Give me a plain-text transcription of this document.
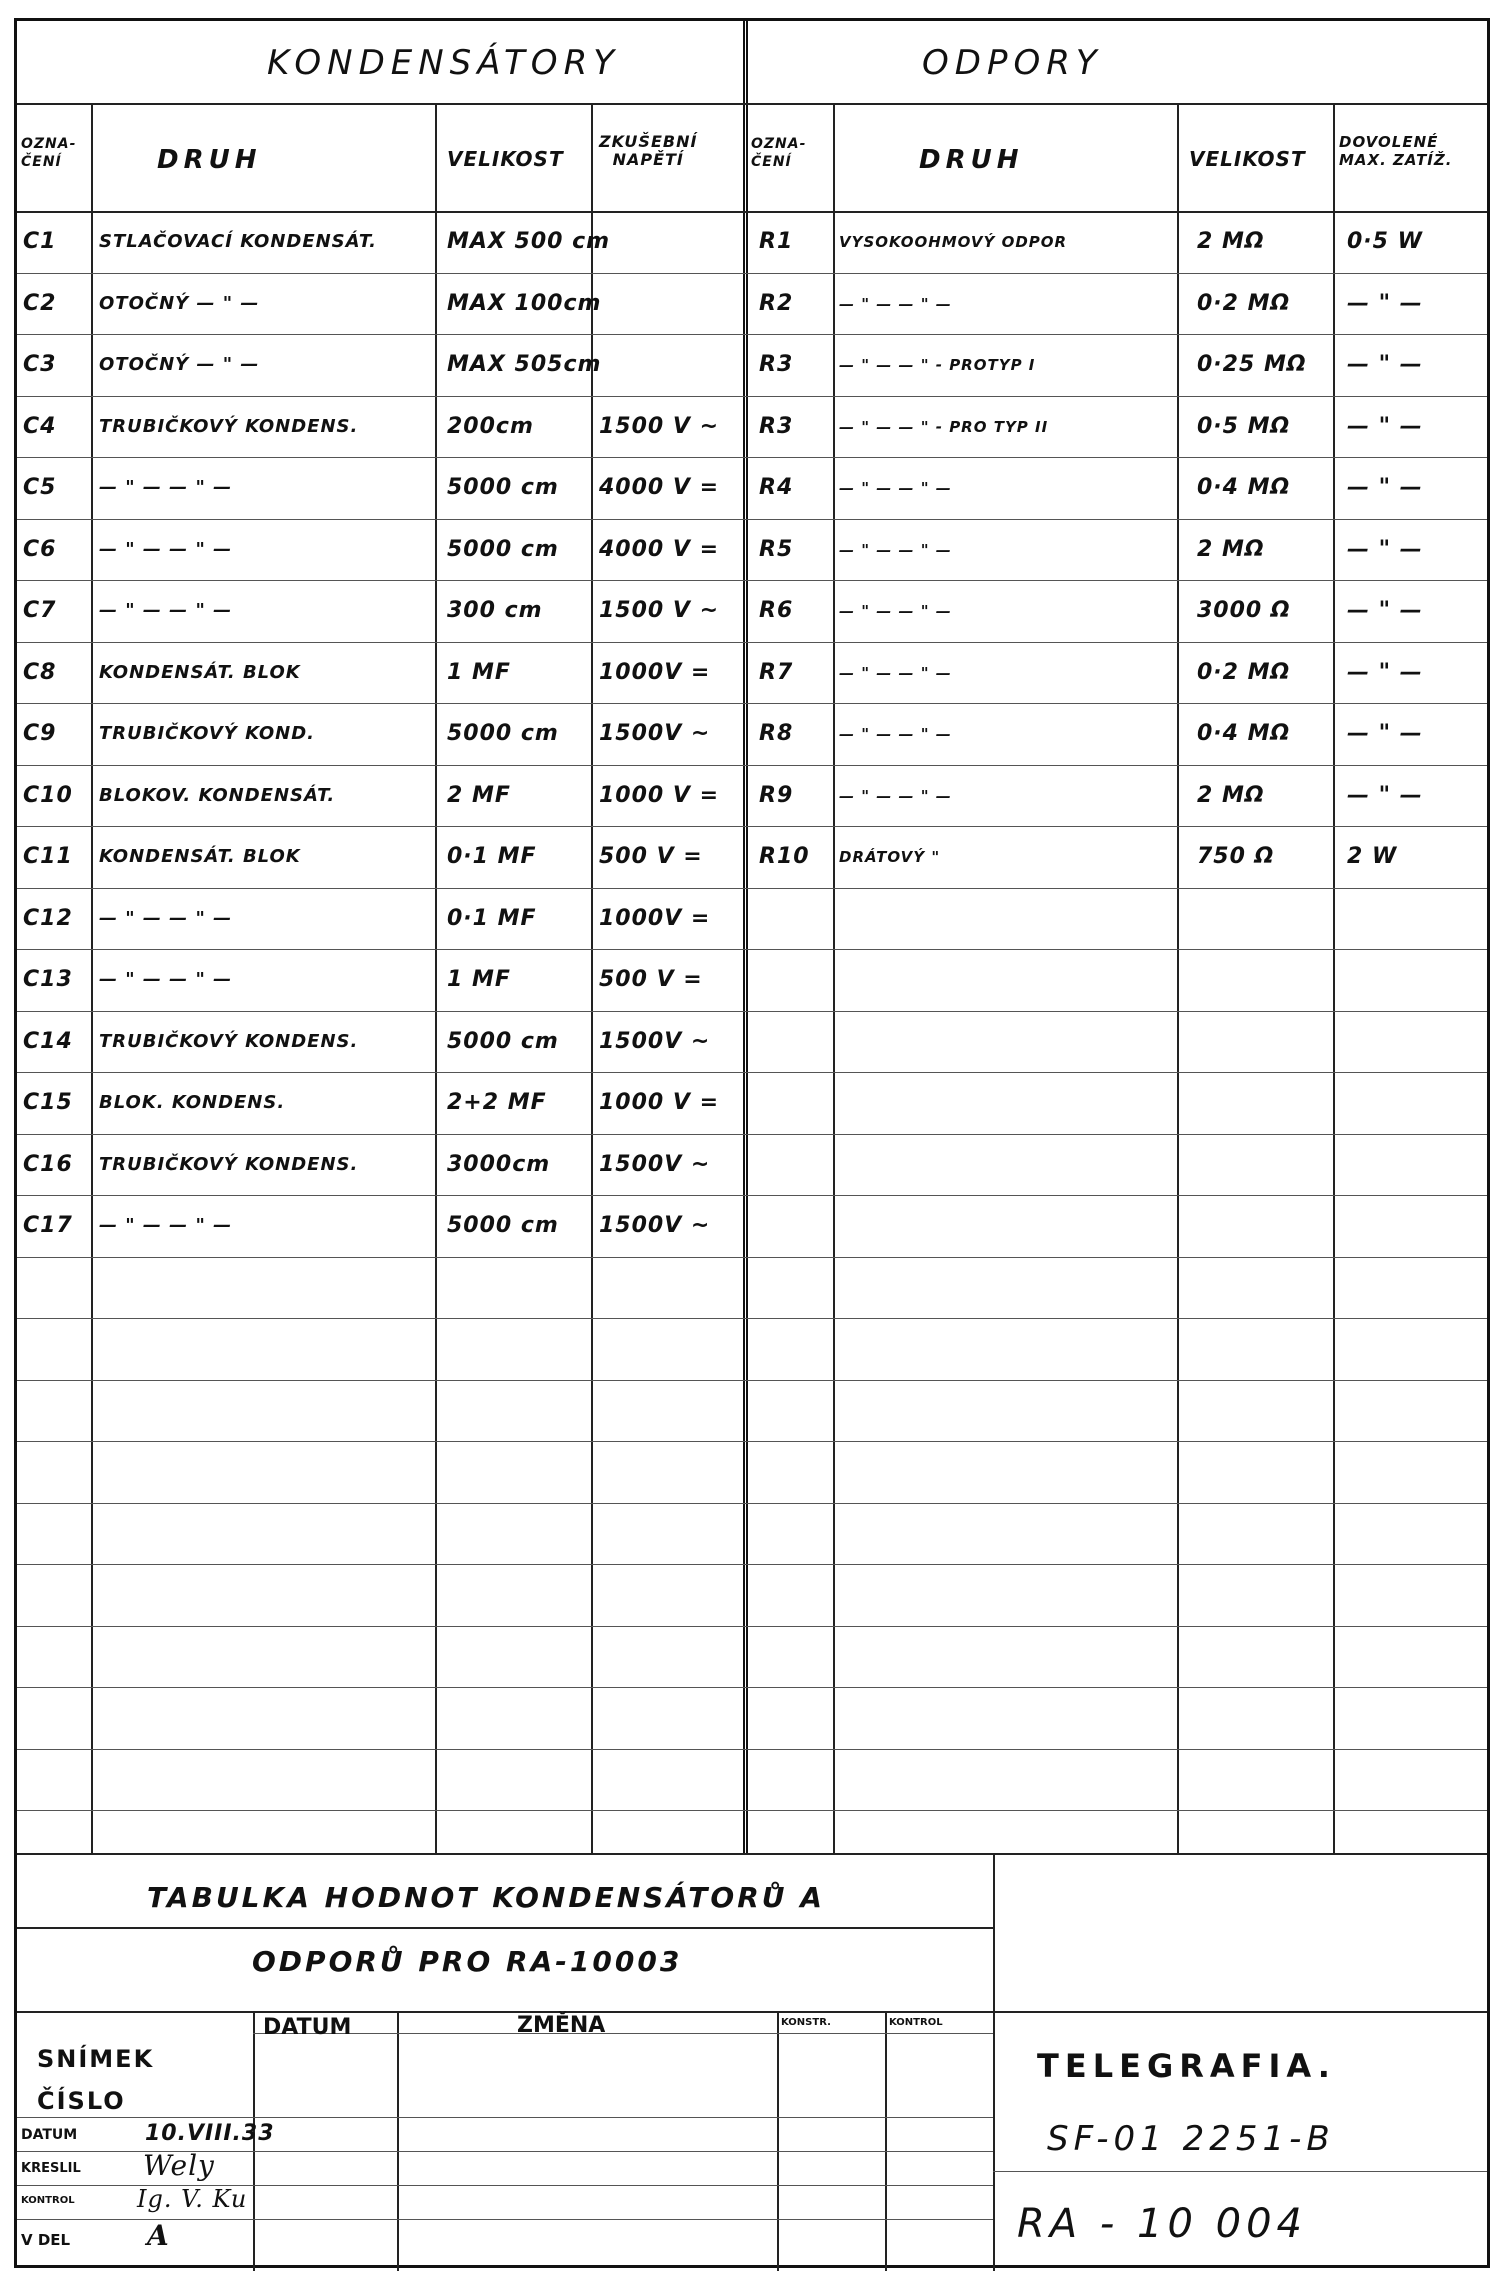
KONDENSÁTORY	ODPORY
OZNA-
ČENÍ	DRUH	VELIKOST
ZKUŠEBNÍ
NAPĚTÍ
OZNA-
ČENÍ	DRUH	VELIKOST
DOVOLENÉ
MAX. ZATÍŽ.
C1 STLAČOVACÍ KONDENSÁT.	MAX 500 cm
C2 OTOČNÝ — " —	MAX 100cm
C3 OTOČNÝ — " —	MAX 505cm
C4 TRUBIČKOVÝ KONDENS.	200cm	1500 V ~
C5 — " — — " —	5000 cm 4000 V =
C6 — " — — " —	5000 cm 4000 V =
C7 — " — — " —	300 cm	1500 V ~
C8 KONDENSÁT. BLOK	1 MF	1000V =
C9 TRUBIČKOVÝ KOND.	5000 cm 1500V ~
C10 BLOKOV. KONDENSÁT.	2 MF	1000 V =
C11 KONDENSÁT. BLOK	0·1 MF	500 V =
C12 — " — — " —	0·1 MF	1000V =
C13 — " — — " —	1 MF	500 V =
C14 TRUBIČKOVÝ KONDENS.	5000 cm 1500V ~
C15 BLOK. KONDENS.	2+2 MF 1000 V =
C16 TRUBIČKOVÝ KONDENS.	3000cm 1500V ~
C17 — " — — " —	5000 cm 1500V ~
R1	VYSOKOOHMOVÝ ODPOR	2 MΩ	0·5 W
R2	— " — — " —	0·2 MΩ	— " —
R3	— " — — " - PROTYP I	0·25 MΩ — " —
R3	— " — — " - PRO TYP II	0·5 MΩ	— " —
R4	— " — — " —	0·4 MΩ	— " —
R5	— " — — " —	2 MΩ	— " —
R6	— " — — " —	3000 Ω	— " —
R7	— " — — " —	0·2 MΩ	— " —
R8	— " — — " —	0·4 MΩ	— " —
R9	— " — — " —	2 MΩ	— " —
R10 DRÁTOVÝ "	750 Ω	2 W
TABULKA HODNOT KONDENSÁTORŮ A
ODPORŮ PRO RA-10003
SNÍMEK
ČÍSLO
DATUM	ZMĚNA	KONSTR.	KONTROL
DATUM	10.VIII.33
KRESLIL Wely
KONTROL	Ig. V. Ku
V DEL	A
TELEGRAFIA.
SF-01 2251-B
RA - 10 004
